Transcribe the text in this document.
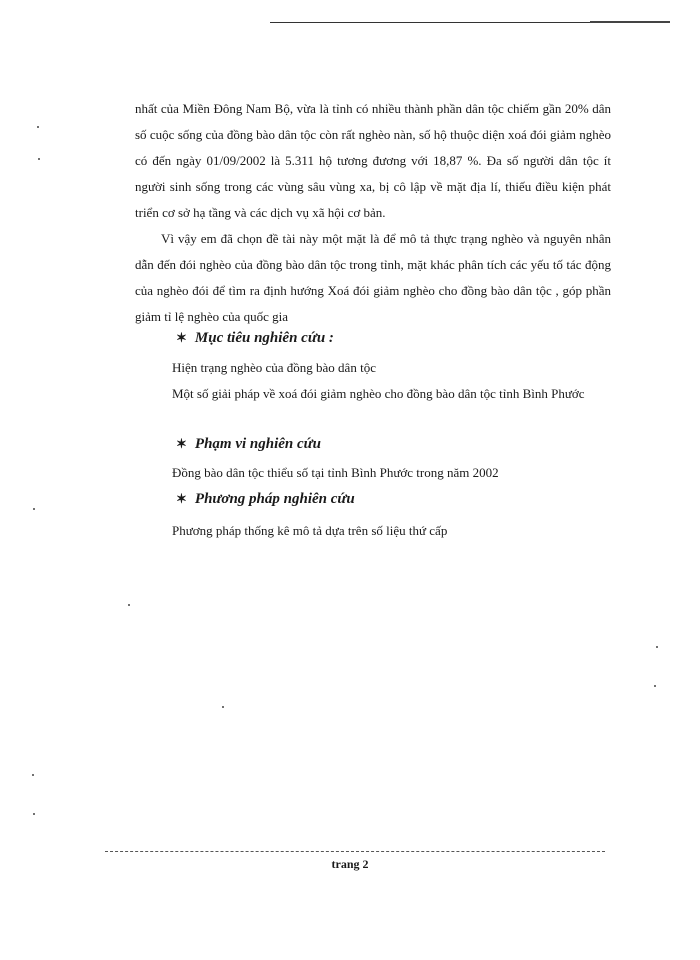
nhất của Miền Đông Nam Bộ, vừa là tỉnh có nhiều thành phần dân tộc chiếm gần 20% dân số cuộc sống của đồng bào dân tộc còn rất nghèo nàn, số hộ thuộc diện xoá đói giảm nghèo có đến ngày 01/09/2002 là 5.311 hộ tương đương với 18,87 %. Đa số người dân tộc ít người sinh sống trong các vùng sâu vùng xa, bị cô lập về mặt địa lí, thiếu điều kiện phát triển cơ sở hạ tầng và các dịch vụ xã hội cơ bản.

Vì vậy em đã chọn đề tài này một mặt là để mô tả thực trạng nghèo và nguyên nhân dẫn đến đói nghèo của đồng bào dân tộc trong tỉnh, mặt khác phân tích các yếu tố tác động của nghèo đói để tìm ra định hướng Xoá đói giảm nghèo cho đồng bào dân tộc , góp phần giảm tỉ lệ nghèo của quốc gia

✶ Mục tiêu nghiên cứu :
Hiện trạng nghèo của đồng bào dân tộc
Một số giải pháp về xoá đói giảm nghèo cho đồng bào dân tộc tỉnh Bình Phước
✶ Phạm vi nghiên cứu
Đồng bào dân tộc thiểu số tại tỉnh Bình Phước trong năm 2002
✶ Phương pháp nghiên cứu
Phương pháp thống kê mô tả dựa trên số liệu thứ cấp
trang 2
